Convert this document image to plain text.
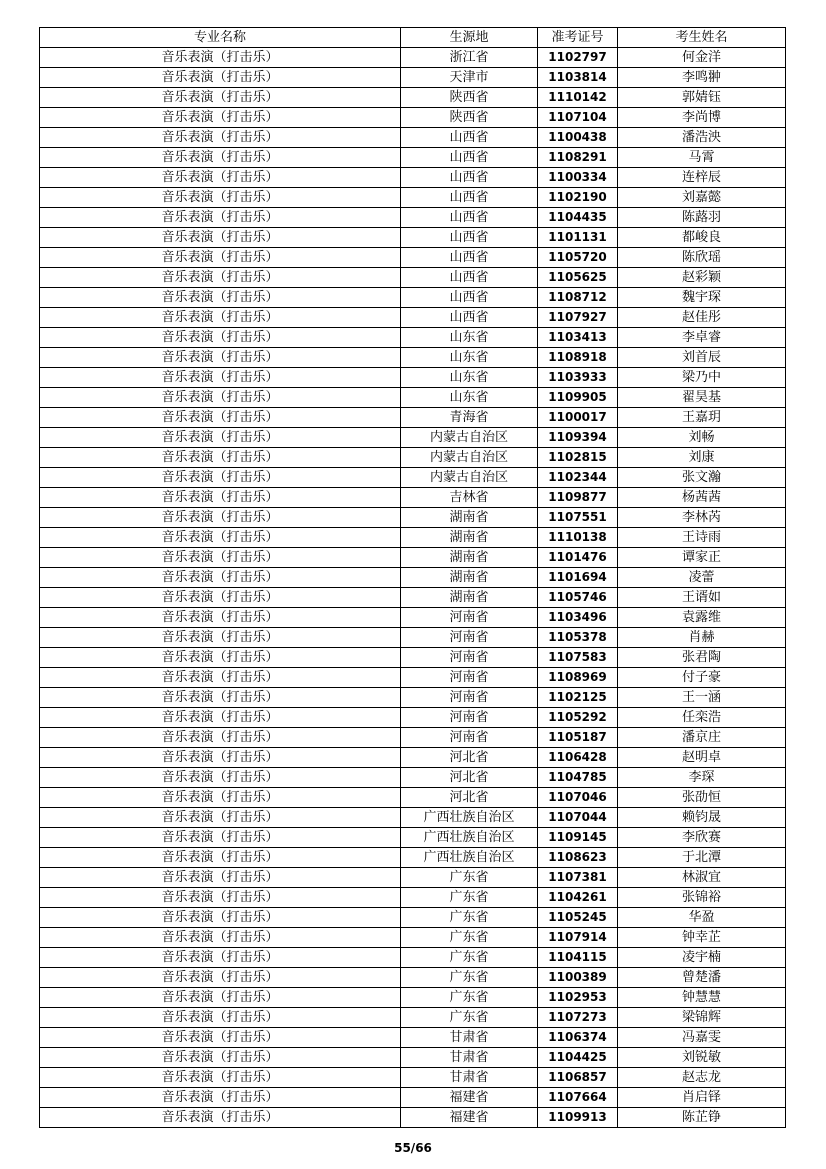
专业名称	生源地	准考证号	考生姓名
音乐表演（打击乐）	浙江省	1102797	何金洋
音乐表演（打击乐）	天津市	1103814	李鸣翀
音乐表演（打击乐）	陕西省	1110142	郭婧钰
音乐表演（打击乐）	陕西省	1107104	李尚博
音乐表演（打击乐）	山西省	1100438	潘浩泱
音乐表演（打击乐）	山西省	1108291	马霄
音乐表演（打击乐）	山西省	1100334	连梓辰
音乐表演（打击乐）	山西省	1102190	刘嘉懿
音乐表演（打击乐）	山西省	1104435	陈蕗羽
音乐表演（打击乐）	山西省	1101131	都峻良
音乐表演（打击乐）	山西省	1105720	陈欣瑶
音乐表演（打击乐）	山西省	1105625	赵彩颖
音乐表演（打击乐）	山西省	1108712	魏宇琛
音乐表演（打击乐）	山西省	1107927	赵佳彤
音乐表演（打击乐）	山东省	1103413	李卓睿
音乐表演（打击乐）	山东省	1108918	刘首辰
音乐表演（打击乐）	山东省	1103933	梁乃中
音乐表演（打击乐）	山东省	1109905	翟昊基
音乐表演（打击乐）	青海省	1100017	王嘉玥
音乐表演（打击乐）	内蒙古自治区	1109394	刘畅
音乐表演（打击乐）	内蒙古自治区	1102815	刘康
音乐表演（打击乐）	内蒙古自治区	1102344	张文瀚
音乐表演（打击乐）	吉林省	1109877	杨茜茜
音乐表演（打击乐）	湖南省	1107551	李林芮
音乐表演（打击乐）	湖南省	1110138	王诗雨
音乐表演（打击乐）	湖南省	1101476	谭家正
音乐表演（打击乐）	湖南省	1101694	凌蕾
音乐表演（打击乐）	湖南省	1105746	王谞如
音乐表演（打击乐）	河南省	1103496	袁露维
音乐表演（打击乐）	河南省	1105378	肖赫
音乐表演（打击乐）	河南省	1107583	张君陶
音乐表演（打击乐）	河南省	1108969	付子豪
音乐表演（打击乐）	河南省	1102125	王一涵
音乐表演（打击乐）	河南省	1105292	任栾浩
音乐表演（打击乐）	河南省	1105187	潘京庄
音乐表演（打击乐）	河北省	1106428	赵明卓
音乐表演（打击乐）	河北省	1104785	李琛
音乐表演（打击乐）	河北省	1107046	张劭恒
音乐表演（打击乐）	广西壮族自治区	1107044	赖钧晟
音乐表演（打击乐）	广西壮族自治区	1109145	李欣赛
音乐表演（打击乐）	广西壮族自治区	1108623	于北潭
音乐表演（打击乐）	广东省	1107381	林淑宜
音乐表演（打击乐）	广东省	1104261	张锦裕
音乐表演（打击乐）	广东省	1105245	华盈
音乐表演（打击乐）	广东省	1107914	钟幸芷
音乐表演（打击乐）	广东省	1104115	凌宇楠
音乐表演（打击乐）	广东省	1100389	曾楚潘
音乐表演（打击乐）	广东省	1102953	钟慧慧
音乐表演（打击乐）	广东省	1107273	梁锦辉
音乐表演（打击乐）	甘肃省	1106374	冯嘉雯
音乐表演（打击乐）	甘肃省	1104425	刘锐敏
音乐表演（打击乐）	甘肃省	1106857	赵志龙
音乐表演（打击乐）	福建省	1107664	肖启铎
音乐表演（打击乐）	福建省	1109913	陈芷铮
55/66
